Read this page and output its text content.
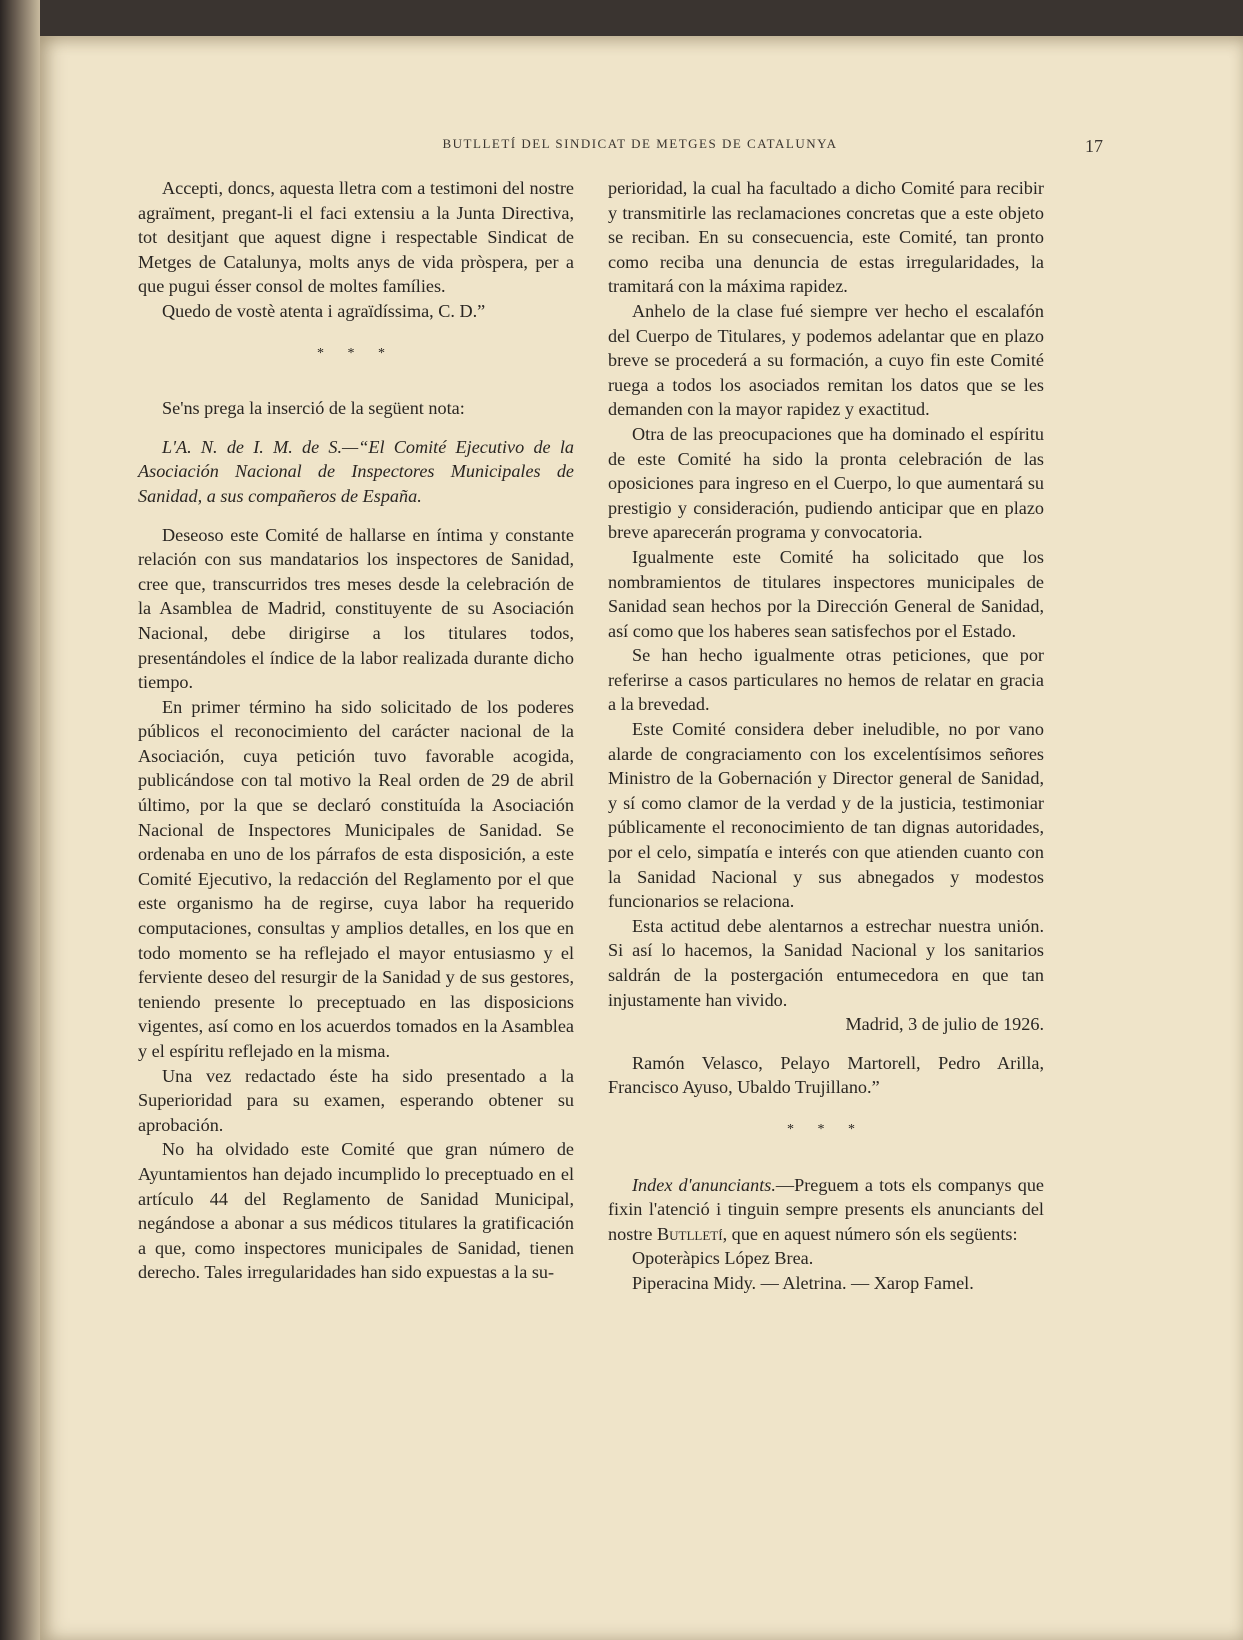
BUTLLETÍ DEL SINDICAT DE METGES DE CATALUNYA	17

Accepti, doncs, aquesta lletra com a testimoni del nostre agraïment, pregant-li el faci extensiu a la Junta Directiva, tot desitjant que aquest digne i respectable Sindicat de Metges de Catalunya, molts anys de vida pròspera, per a que pugui ésser consol de moltes famílies.

Quedo de vostè atenta i agraïdíssima, C. D.”

* * *

Se'ns prega la inserció de la següent nota:

L'A. N. de I. M. de S.—“El Comité Ejecutivo de la Asociación Nacional de Inspectores Municipales de Sanidad, a sus compañeros de España.

Deseoso este Comité de hallarse en íntima y constante relación con sus mandatarios los inspectores de Sanidad, cree que, transcurridos tres meses desde la celebración de la Asamblea de Madrid, constituyente de su Asociación Nacional, debe dirigirse a los titulares todos, presentándoles el índice de la labor realizada durante dicho tiempo.

En primer término ha sido solicitado de los poderes públicos el reconocimiento del carácter nacional de la Asociación, cuya petición tuvo favorable acogida, publicándose con tal motivo la Real orden de 29 de abril último, por la que se declaró constituída la Asociación Nacional de Inspectores Municipales de Sanidad. Se ordenaba en uno de los párrafos de esta disposición, a este Comité Ejecutivo, la redacción del Reglamento por el que este organismo ha de regirse, cuya labor ha requerido computaciones, consultas y amplios detalles, en los que en todo momento se ha reflejado el mayor entusiasmo y el ferviente deseo del resurgir de la Sanidad y de sus gestores, teniendo presente lo preceptuado en las disposicions vigentes, así como en los acuerdos tomados en la Asamblea y el espíritu reflejado en la misma.

Una vez redactado éste ha sido presentado a la Superioridad para su examen, esperando obtener su aprobación.

No ha olvidado este Comité que gran número de Ayuntamientos han dejado incumplido lo preceptuado en el artículo 44 del Reglamento de Sanidad Municipal, negándose a abonar a sus médicos titulares la gratificación a que, como inspectores municipales de Sanidad, tienen derecho. Tales irregularidades han sido expuestas a la su-

perioridad, la cual ha facultado a dicho Comité para recibir y transmitirle las reclamaciones concretas que a este objeto se reciban. En su consecuencia, este Comité, tan pronto como reciba una denuncia de estas irregularidades, la tramitará con la máxima rapidez.

Anhelo de la clase fué siempre ver hecho el escalafón del Cuerpo de Titulares, y podemos adelantar que en plazo breve se procederá a su formación, a cuyo fin este Comité ruega a todos los asociados remitan los datos que se les demanden con la mayor rapidez y exactitud.

Otra de las preocupaciones que ha dominado el espíritu de este Comité ha sido la pronta celebración de las oposiciones para ingreso en el Cuerpo, lo que aumentará su prestigio y consideración, pudiendo anticipar que en plazo breve aparecerán programa y convocatoria.

Igualmente este Comité ha solicitado que los nombramientos de titulares inspectores municipales de Sanidad sean hechos por la Dirección General de Sanidad, así como que los haberes sean satisfechos por el Estado.

Se han hecho igualmente otras peticiones, que por referirse a casos particulares no hemos de relatar en gracia a la brevedad.

Este Comité considera deber ineludible, no por vano alarde de congraciamento con los excelentísimos señores Ministro de la Gobernación y Director general de Sanidad, y sí como clamor de la verdad y de la justicia, testimoniar públicamente el reconocimiento de tan dignas autoridades, por el celo, simpatía e interés con que atienden cuanto con la Sanidad Nacional y sus abnegados y modestos funcionarios se relaciona.

Esta actitud debe alentarnos a estrechar nuestra unión. Si así lo hacemos, la Sanidad Nacional y los sanitarios saldrán de la postergación entumecedora en que tan injustamente han vivido.

Madrid, 3 de julio de 1926.

Ramón Velasco, Pelayo Martorell, Pedro Arilla, Francisco Ayuso, Ubaldo Trujillano.”

* * *

Index d'anunciants.—Preguem a tots els companys que fixin l'atenció i tinguin sempre presents els anunciants del nostre Butlletí, que en aquest número són els següents:

Opoteràpics López Brea.

Piperacina Midy. — Aletrina. — Xarop Famel.
